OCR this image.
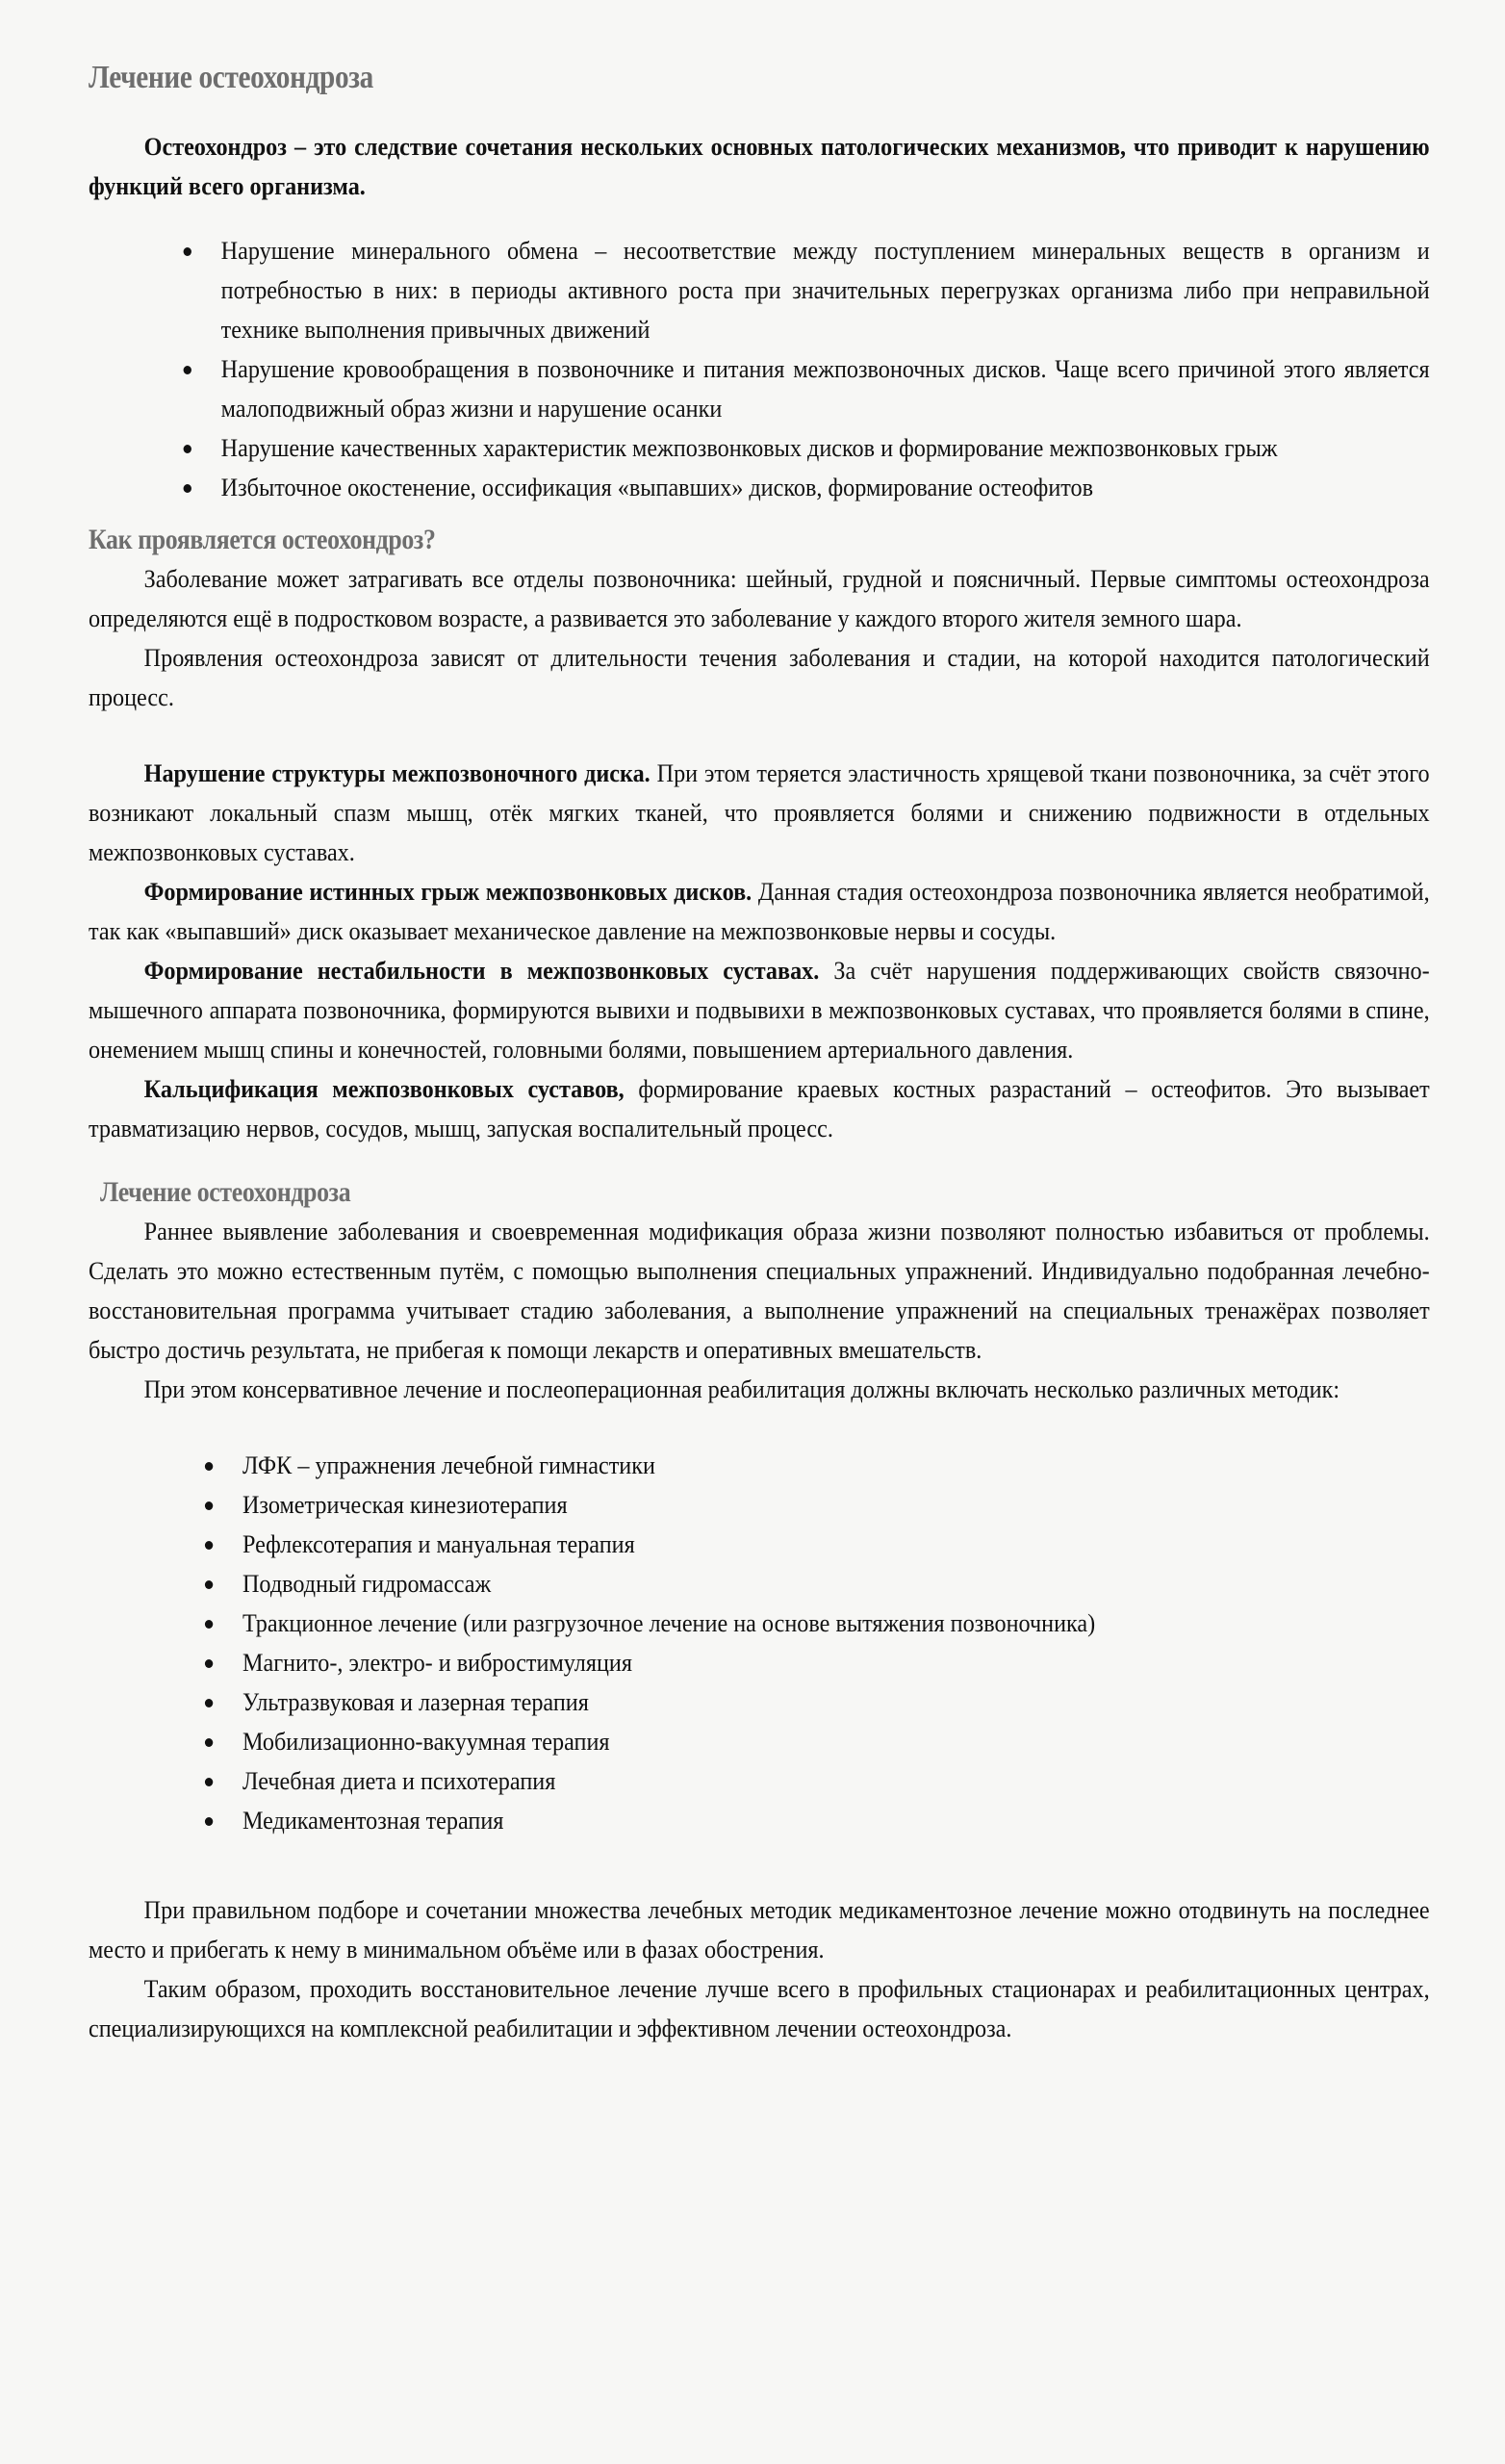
Лечение остеохондроза

Остеохондроз – это следствие сочетания нескольких основных патологических механизмов, что приводит к нарушению функций всего организма.

Нарушение минерального обмена – несоответствие между поступлением минеральных веществ в организм и потребностью в них: в периоды активного роста при значительных перегрузках организма либо при неправильной технике выполнения привычных движений
Нарушение кровообращения в позвоночнике и питания межпозвоночных дисков. Чаще всего причиной этого является малоподвижный образ жизни и нарушение осанки
Нарушение качественных характеристик межпозвонковых дисков и формирование межпозвонковых грыж
Избыточное окостенение, оссификация «выпавших» дисков, формирование остеофитов
Как проявляется остеохондроз?

Заболевание может затрагивать все отделы позвоночника: шейный, грудной и поясничный. Первые симптомы остеохондроза определяются ещё в подростковом возрасте, а развивается это заболевание у каждого второго жителя земного шара.

Проявления остеохондроза зависят от длительности течения заболевания и стадии, на которой находится патологический процесс.

Нарушение структуры межпозвоночного диска. При этом теряется эластичность хрящевой ткани позвоночника, за счёт этого возникают локальный спазм мышц, отёк мягких тканей, что проявляется болями и снижению подвижности в отдельных межпозвонковых суставах.

Формирование истинных грыж межпозвонковых дисков. Данная стадия остеохондроза позвоночника является необратимой, так как «выпавший» диск оказывает механическое давление на межпозвонковые нервы и сосуды.

Формирование нестабильности в межпозвонковых суставах. За счёт нарушения поддерживающих свойств связочно-мышечного аппарата позвоночника, формируются вывихи и подвывихи в межпозвонковых суставах, что проявляется болями в спине, онемением мышц спины и конечностей, головными болями, повышением артериального давления.

Кальцификация межпозвонковых суставов, формирование краевых костных разрастаний – остеофитов. Это вызывает травматизацию нервов, сосудов, мышц, запуская воспалительный процесс.

Лечение остеохондроза

Раннее выявление заболевания и своевременная модификация образа жизни позволяют полностью избавиться от проблемы. Сделать это можно естественным путём, с помощью выполнения специальных упражнений. Индивидуально подобранная лечебно-восстановительная программа учитывает стадию заболевания, а выполнение упражнений на специальных тренажёрах позволяет быстро достичь результата, не прибегая к помощи лекарств и оперативных вмешательств.

При этом консервативное лечение и послеоперационная реабилитация должны включать несколько различных методик:

ЛФК – упражнения лечебной гимнастики
Изометрическая кинезиотерапия
Рефлексотерапия и мануальная терапия
Подводный гидромассаж
Тракционное лечение (или разгрузочное лечение на основе вытяжения позвоночника)
Магнито-, электро- и вибростимуляция
Ультразвуковая и лазерная терапия
Мобилизационно-вакуумная терапия
Лечебная диета и психотерапия
Медикаментозная терапия

При правильном подборе и сочетании множества лечебных методик медикаментозное лечение можно отодвинуть на последнее место и прибегать к нему в минимальном объёме или в фазах обострения.

Таким образом, проходить восстановительное лечение лучше всего в профильных стационарах и реабилитационных центрах, специализирующихся на комплексной реабилитации и эффективном лечении остеохондроза.
